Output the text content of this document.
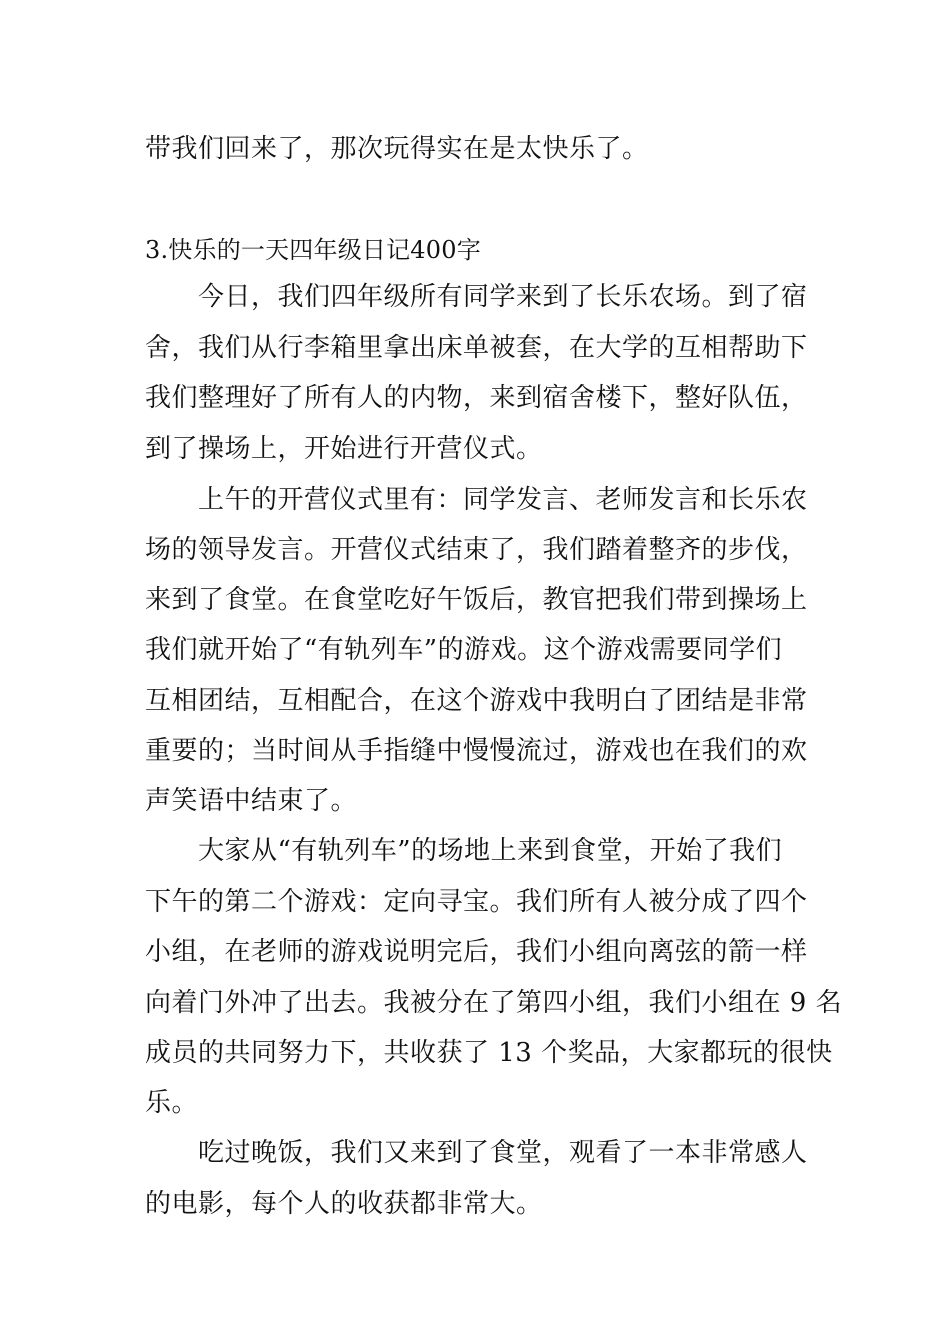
带我们回来了，那次玩得实在是太快乐了。
3.快乐的一天四年级日记400字
今日，我们四年级所有同学来到了长乐农场。到了宿
舍，我们从行李箱里拿出床单被套，在大学的互相帮助下
我们整理好了所有人的内物，来到宿舍楼下，整好队伍，
到了操场上，开始进行开营仪式。
上午的开营仪式里有：同学发言、老师发言和长乐农
场的领导发言。开营仪式结束了，我们踏着整齐的步伐，
来到了食堂。在食堂吃好午饭后，教官把我们带到操场上
我们就开始了“有轨列车”的游戏。这个游戏需要同学们
互相团结，互相配合，在这个游戏中我明白了团结是非常
重要的；当时间从手指缝中慢慢流过，游戏也在我们的欢
声笑语中结束了。
大家从“有轨列车”的场地上来到食堂，开始了我们
下午的第二个游戏：定向寻宝。我们所有人被分成了四个
小组，在老师的游戏说明完后，我们小组向离弦的箭一样
向着门外冲了出去。我被分在了第四小组，我们小组在 9 名
成员的共同努力下，共收获了 13 个奖品，大家都玩的很快
乐。
吃过晚饭，我们又来到了食堂，观看了一本非常感人
的电影，每个人的收获都非常大。
